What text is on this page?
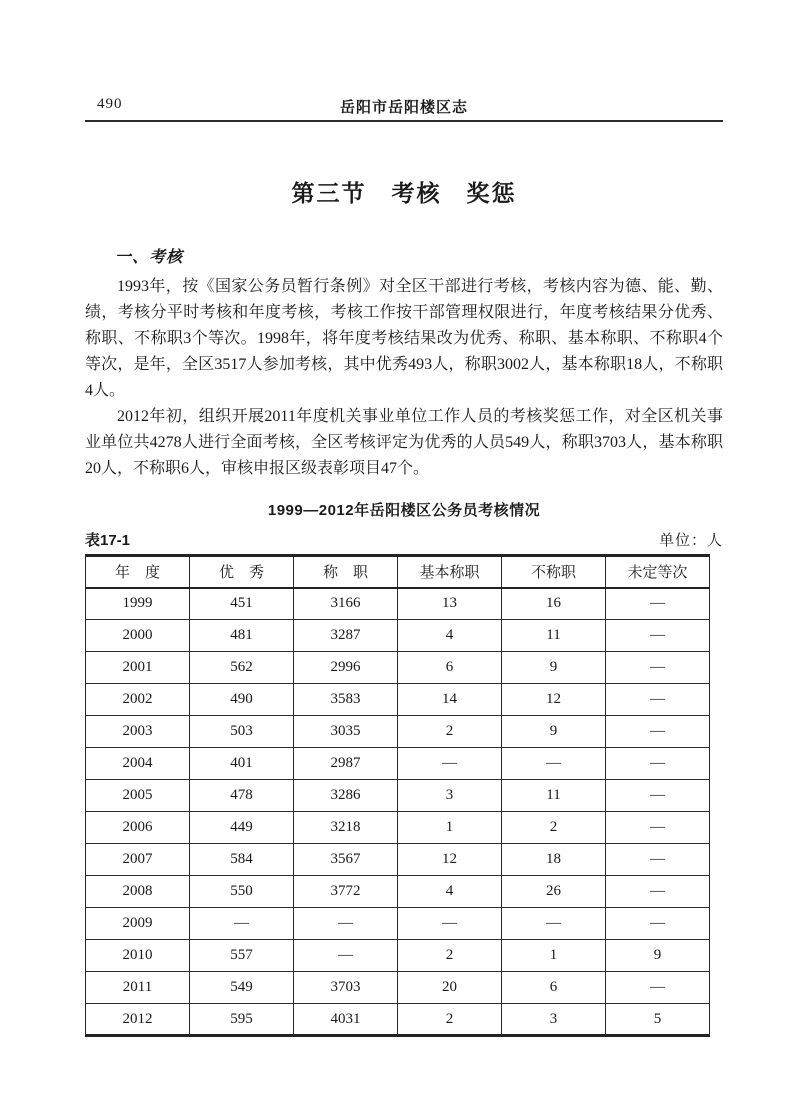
490	岳阳市岳阳楼区志
第三节　考核　奖惩
一、考核

1993年，按《国家公务员暂行条例》对全区干部进行考核，考核内容为德、能、勤、绩，考核分平时考核和年度考核，考核工作按干部管理权限进行，年度考核结果分优秀、称职、不称职3个等次。1998年，将年度考核结果改为优秀、称职、基本称职、不称职4个等次，是年，全区3517人参加考核，其中优秀493人，称职3002人，基本称职18人，不称职4人。

2012年初，组织开展2011年度机关事业单位工作人员的考核奖惩工作，对全区机关事业单位共4278人进行全面考核，全区考核评定为优秀的人员549人，称职3703人，基本称职20人，不称职6人，审核申报区级表彰项目47个。

1999—2012年岳阳楼区公务员考核情况
表17-1	单位：人
年　度	优　秀	称　职	基本称职	不称职	未定等次
1999	451	3166	13	16	—
2000	481	3287	4	11	—
2001	562	2996	6	9	—
2002	490	3583	14	12	—
2003	503	3035	2	9	—
2004	401	2987	—	—	—
2005	478	3286	3	11	—
2006	449	3218	1	2	—
2007	584	3567	12	18	—
2008	550	3772	4	26	—
2009	—	—	—	—	—
2010	557	—	2	1	9
2011	549	3703	20	6	—
2012	595	4031	2	3	5
